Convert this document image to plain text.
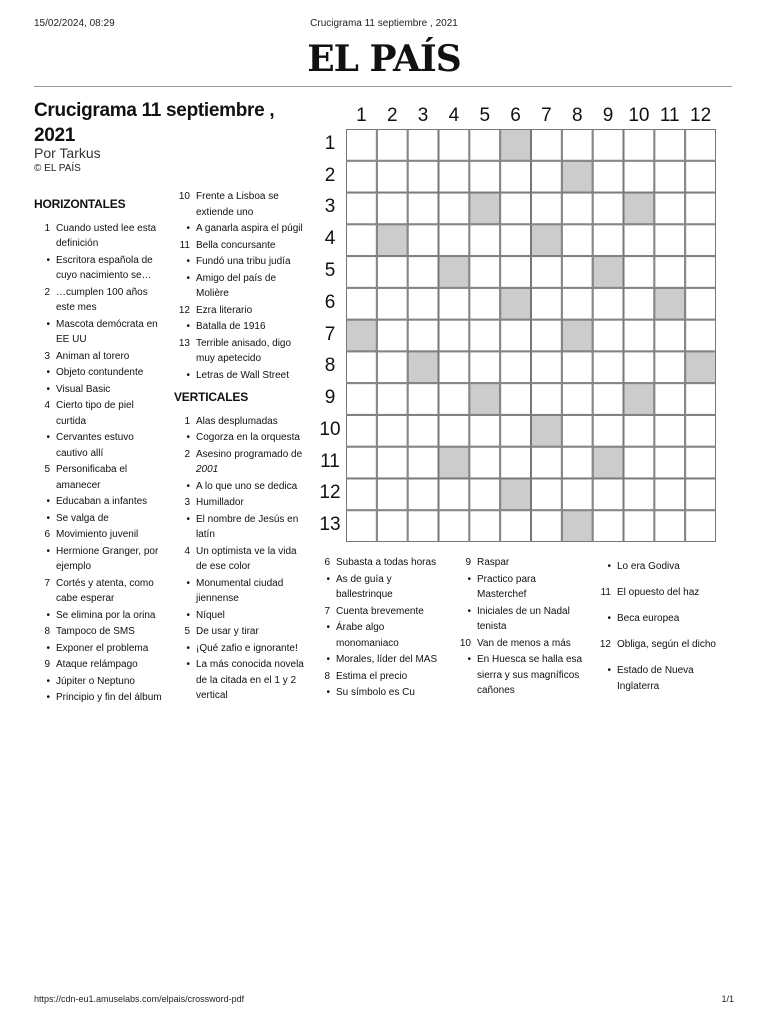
15/02/2024, 08:29	Crucigrama 11 septiembre , 2021
EL PAÍS
Crucigrama 11 septiembre , 2021
Por Tarkus
© EL PAÍS
HORIZONTALES
1 Cuando usted lee esta definición
• Escritora española de cuyo nacimiento se…
2 …cumplen 100 años este mes
• Mascota demócrata en EE UU
3 Animan al torero
• Objeto contundente
• Visual Basic
4 Cierto tipo de piel curtida
• Cervantes estuvo cautivo allí
5 Personificaba el amanecer
• Educaban a infantes
• Se valga de
6 Movimiento juvenil
• Hermione Granger, por ejemplo
7 Cortés y atenta, como cabe esperar
• Se elimina por la orina
8 Tampoco de SMS
• Exponer el problema
9 Ataque relámpago
• Júpiter o Neptuno
• Principio y fin del álbum
10 Frente a Lisboa se extiende uno
• A ganarla aspira el púgil
11 Bella concursante
• Fundó una tribu judía
• Amigo del país de Molière
12 Ezra literario
• Batalla de 1916
13 Terrible anisado, digo muy apetecido
• Letras de Wall Street
VERTICALES
1 Alas desplumadas
• Cogorza en la orquesta
2 Asesino programado de 2001
• A lo que uno se dedica
3 Humillador
• El nombre de Jesús en latín
4 Un optimista ve la vida de ese color
• Monumental ciudad jiennense
• Níquel
5 De usar y tirar
• ¡Qué zafio e ignorante!
• La más conocida novela de la citada en el 1 y 2 vertical
6 Subasta a todas horas
• As de guía y ballestrinque
7 Cuenta brevemente
• Árabe algo monomaniaco
• Morales, líder del MAS
8 Estima el precio
• Su símbolo es Cu
9 Raspar
• Practico para Masterchef
• Iniciales de un Nadal tenista
10 Van de menos a más
• En Huesca se halla esa sierra y sus magníficos cañones
• Lo era Godiva
11 El opuesto del haz
• Beca europea
12 Obliga, según el dicho
• Estado de Nueva Inglaterra
1	2	3	4	5	6	7	8	9 10 11 12
1
2
3
4
5
6
7
8
9
10
11
12
13
https://cdn-eu1.amuselabs.com/elpais/crossword-pdf	1/1
